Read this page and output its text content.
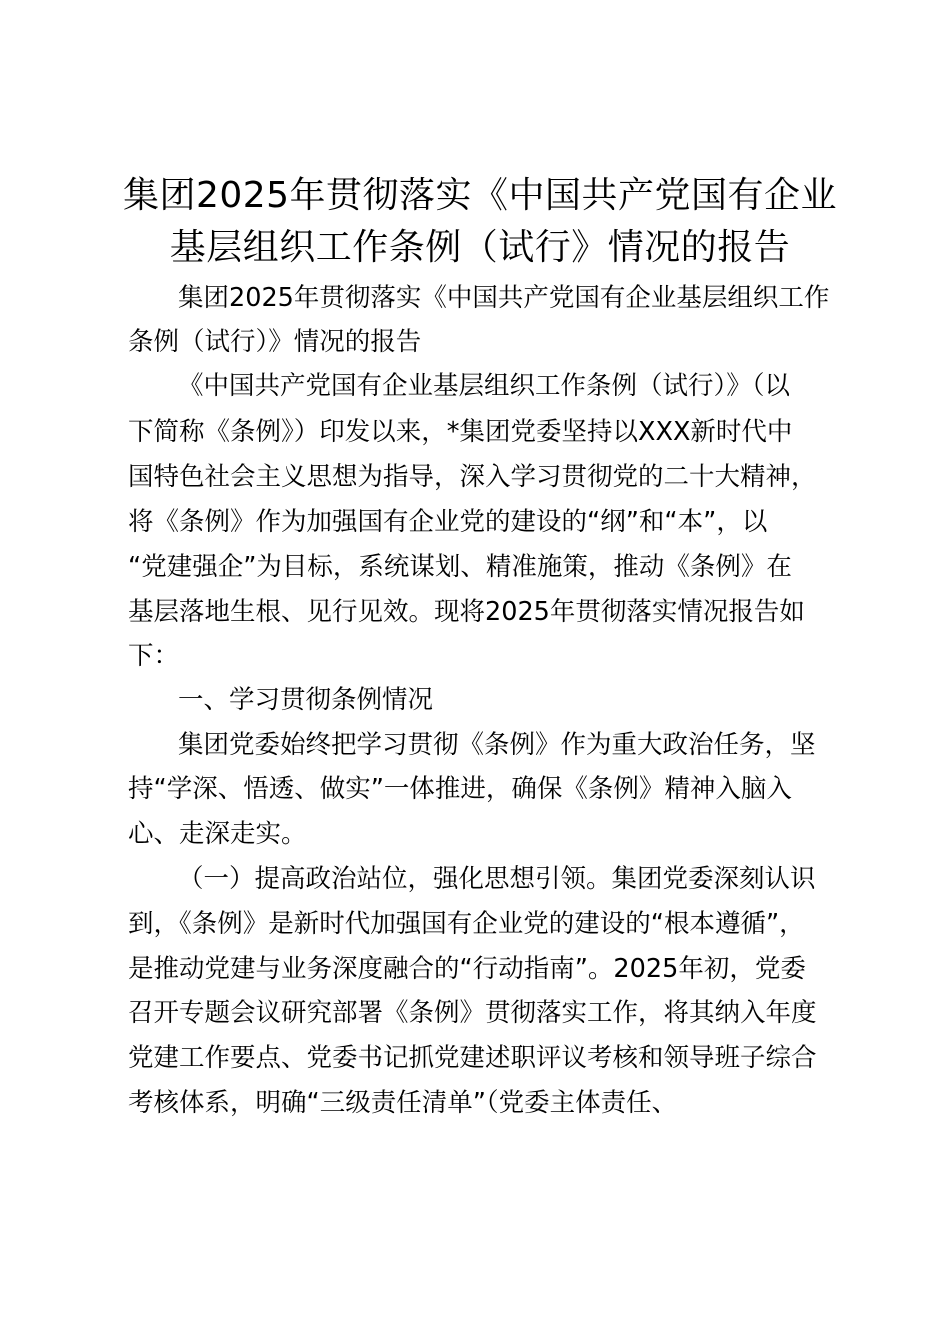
集团2025年贯彻落实《中国共产党国有企业
基层组织工作条例（试行》情况的报告
集团2025年贯彻落实《中国共产党国有企业基层组织工作
条例（试行）》情况的报告
《中国共产党国有企业基层组织工作条例（试行）》（以
下简称《条例》）印发以来，*集团党委坚持以XXX新时代中
国特色社会主义思想为指导，深入学习贯彻党的二十大精神，
将《条例》作为加强国有企业党的建设的“纲”和“本”，以
“党建强企”为目标，系统谋划、精准施策，推动《条例》在
基层落地生根、见行见效。现将2025年贯彻落实情况报告如
下：
一、学习贯彻条例情况
集团党委始终把学习贯彻《条例》作为重大政治任务，坚
持“学深、悟透、做实”一体推进，确保《条例》精神入脑入
心、走深走实。
（一）提高政治站位，强化思想引领。集团党委深刻认识
到，《条例》是新时代加强国有企业党的建设的“根本遵循”，
是推动党建与业务深度融合的“行动指南”。2025年初，党委
召开专题会议研究部署《条例》贯彻落实工作，将其纳入年度
党建工作要点、党委书记抓党建述职评议考核和领导班子综合
考核体系，明确“三级责任清单”（党委主体责任、
